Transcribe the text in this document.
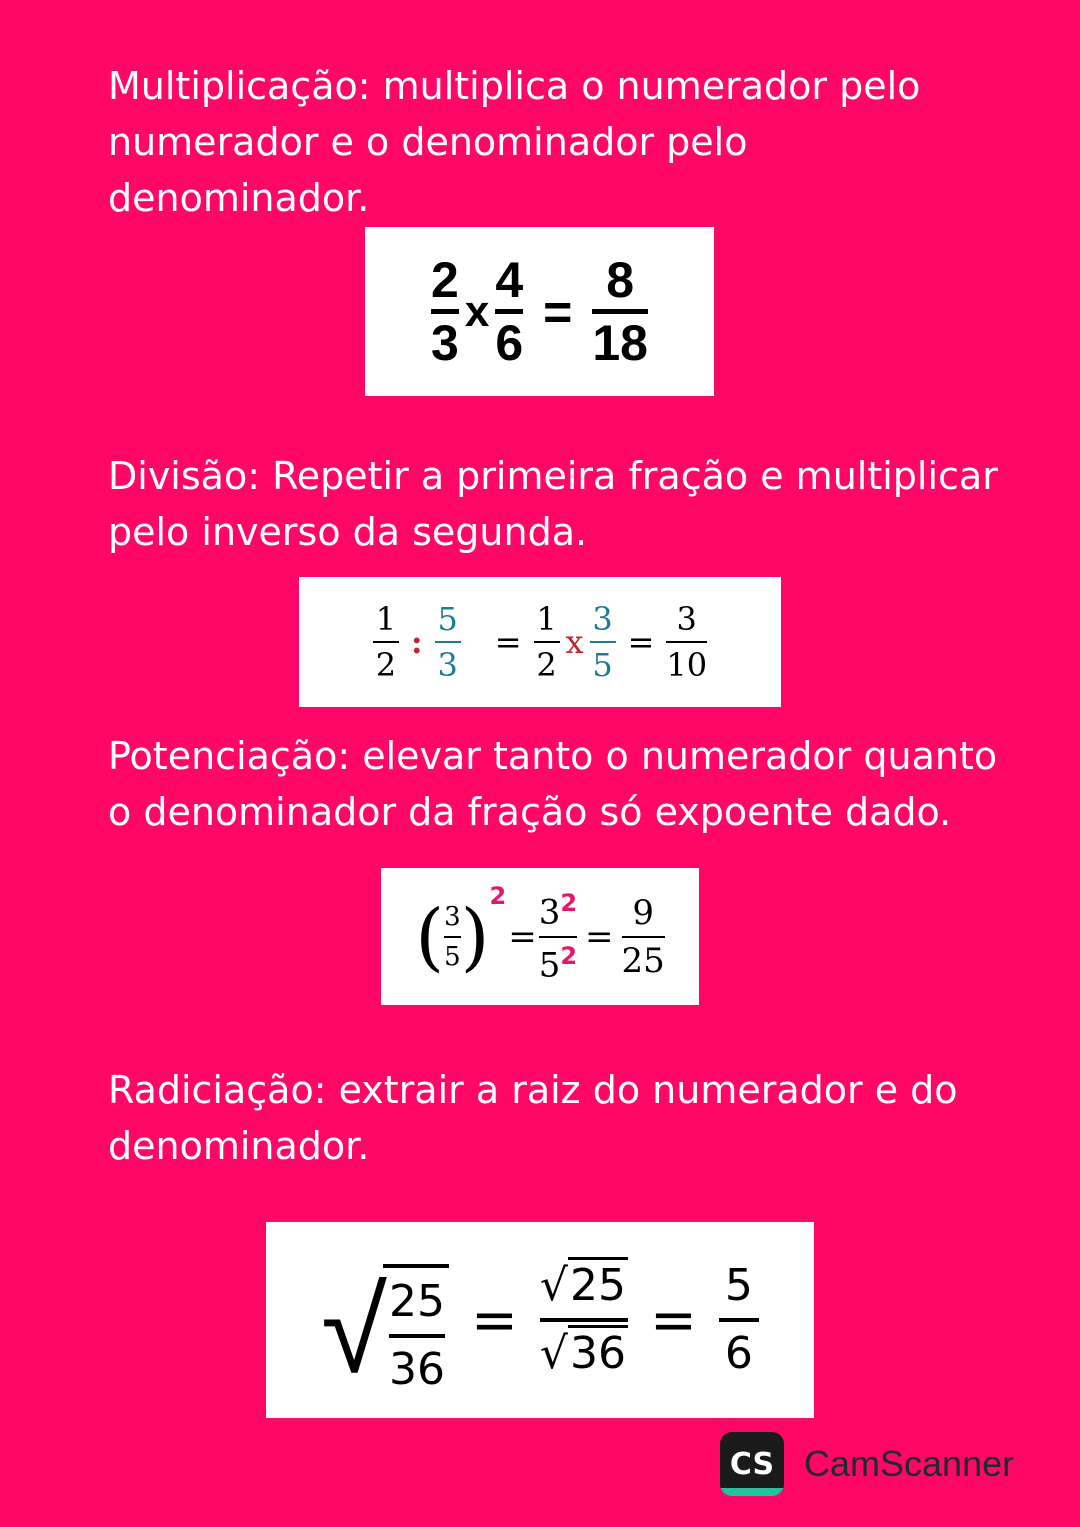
Multiplicação: multiplica o numerador pelo numerador e o denominador pelo denominador.

2
3
x
4
6
=
8
18

Divisão: Repetir a primeira fração e multiplicar pelo inverso da segunda.

$\frac{1}{2}$ : $\frac{5}{3} = \frac{1}{2}$ x $\frac{3}{5} = \frac{3}{10}$

Potenciação: elevar tanto o numerador quanto o denominador da fração só expoente dado.

( $\frac{3}{5} )^2$
= $\frac{3^2}{5^2} = \frac{9}{25}$

Radiciação: extrair a raiz do numerador e do denominador.

√ $\frac{25}{36} = \frac{√25}{√36} = \frac{5}{6}$
CS CamScanner
